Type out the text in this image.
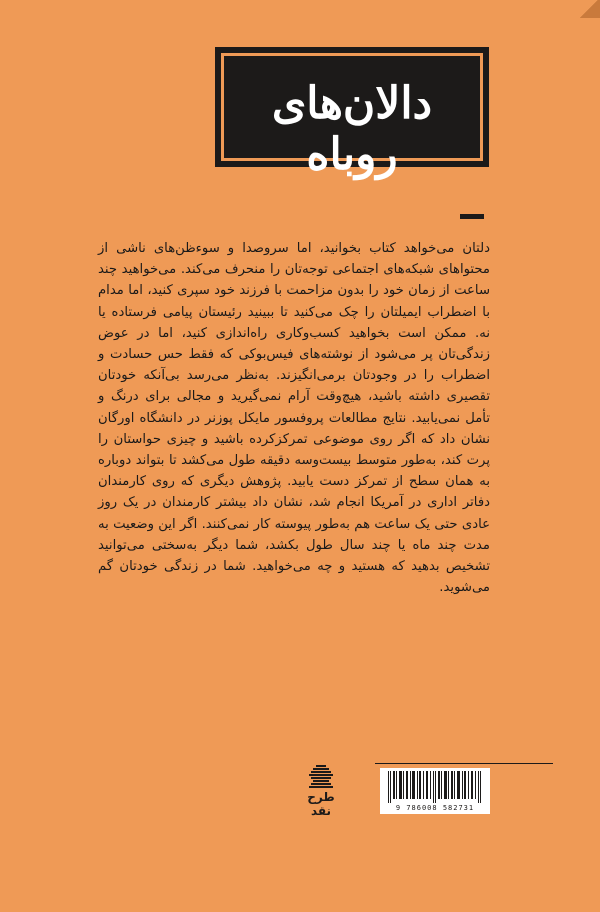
دالان‌های روباه

دلتان می‌خواهد کتاب بخوانید، اما سروصدا و سوءظن‌های ناشی از محتواهای شبکه‌های اجتماعی توجه‌تان را منحرف می‌کند. می‌خواهید چند ساعت از زمان خود را بدون مزاحمت با فرزند خود سپری کنید، اما مدام با اضطراب ایمیلتان را چک می‌کنید تا ببینید رئیستان پیامی فرستاده یا نه. ممکن است بخواهید کسب‌وکاری راه‌اندازی کنید، اما در عوض زندگی‌تان پر می‌شود از نوشته‌های فیس‌بوکی که فقط حس حسادت و اضطراب را در وجودتان برمی‌انگیزند. به‌نظر می‌رسد بی‌آنکه خودتان تقصیری داشته باشید، هیچ‌وقت آرام نمی‌گیرید و مجالی برای درنگ و تأمل نمی‌یابید. نتایج مطالعات پروفسور مایکل پوزنر در دانشگاه اورگان نشان داد که اگر روی موضوعی تمرکزکرده باشید و چیزی حواستان را پرت کند، به‌طور متوسط بیست‌وسه دقیقه طول می‌کشد تا بتواند دوباره به همان سطح از تمرکز دست یابید. پژوهش دیگری که روی کارمندان دفاتر اداری در آمریکا انجام شد، نشان داد بیشتر کارمندان در یک روز عادی حتی یک ساعت هم به‌طور پیوسته کار نمی‌کنند. اگر این وضعیت به مدت چند ماه یا چند سال طول بکشد، شما دیگر به‌سختی می‌توانید تشخیص بدهید که هستید و چه می‌خواهید. شما در زندگی خودتان گم می‌شوید.

9 786008 582731
طرح نقد
